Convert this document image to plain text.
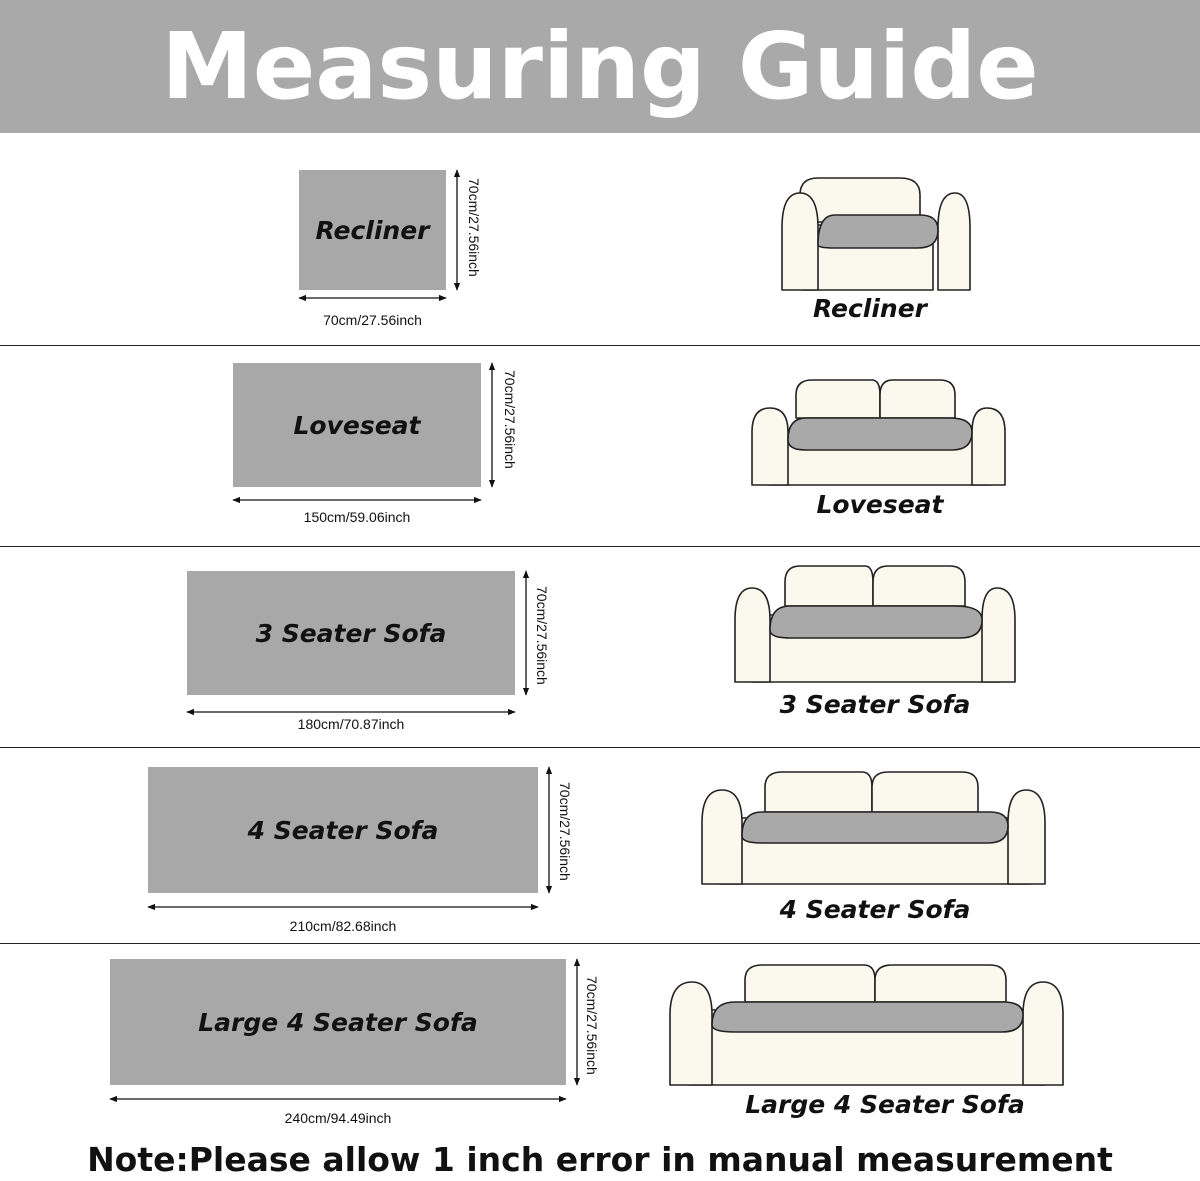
Measuring Guide
Recliner
70cm/27.56inch
70cm/27.56inch
Loveseat
150cm/59.06inch
70cm/27.56inch
3 Seater Sofa
180cm/70.87inch
70cm/27.56inch
4 Seater Sofa
210cm/82.68inch
70cm/27.56inch
Large 4 Seater Sofa
240cm/94.49inch
70cm/27.56inch
Recliner
Loveseat
3 Seater Sofa
4 Seater Sofa
Large 4 Seater Sofa
Note:Please allow 1 inch error in manual measurement
